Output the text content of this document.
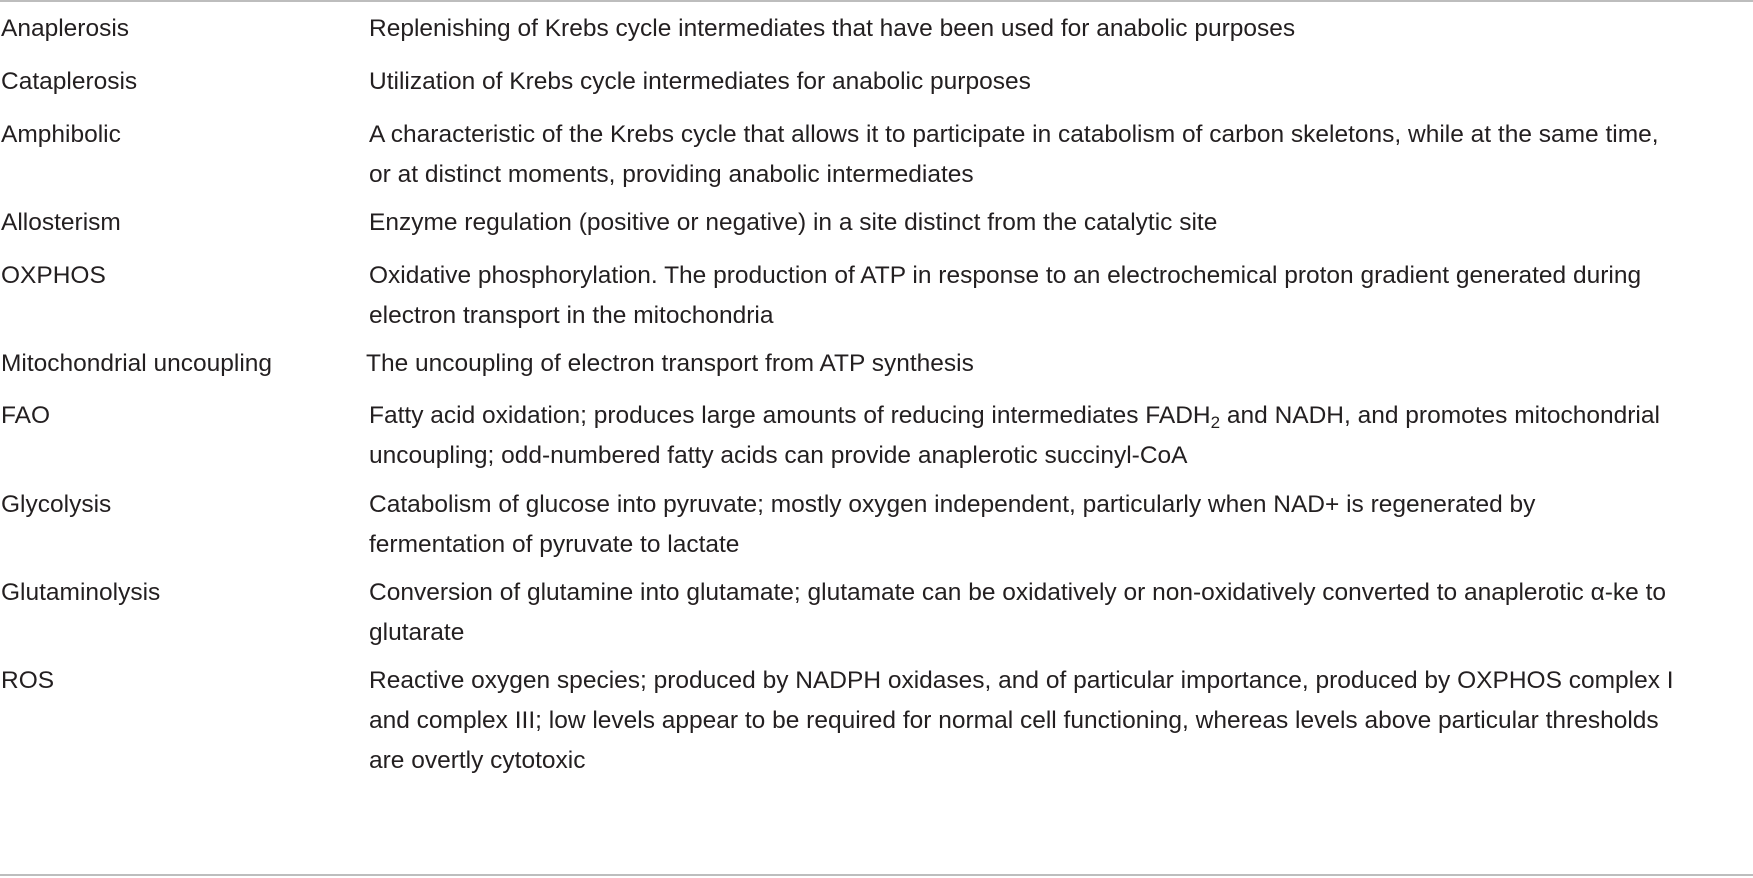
Anaplerosis	Replenishing of Krebs cycle intermediates that have been used for anabolic purposes
Cataplerosis	Utilization of Krebs cycle intermediates for anabolic purposes
Amphibolic	A characteristic of the Krebs cycle that allows it to participate in catabolism of carbon skeletons, while at the same time,
or at distinct moments, providing anabolic intermediates
Allosterism	Enzyme regulation (positive or negative) in a site distinct from the catalytic site
OXPHOS	Oxidative phosphorylation. The production of ATP in response to an electrochemical proton gradient generated during
electron transport in the mitochondria
Mitochondrial uncoupling	The uncoupling of electron transport from ATP synthesis
FAO	Fatty acid oxidation; produces large amounts of reducing intermediates $FADH_2$ and NADH, and promotes mitochondrial
uncoupling; odd-numbered fatty acids can provide anaplerotic succinyl-CoA
Glycolysis	Catabolism of glucose into pyruvate; mostly oxygen independent, particularly when NAD+ is regenerated by
fermentation of pyruvate to lactate
Glutaminolysis	Conversion of glutamine into glutamate; glutamate can be oxidatively or non-oxidatively converted to anaplerotic α-ke to
glutarate
ROS	Reactive oxygen species; produced by NADPH oxidases, and of particular importance, produced by OXPHOS complex I
and complex III; low levels appear to be required for normal cell functioning, whereas levels above particular thresholds
are overtly cytotoxic
